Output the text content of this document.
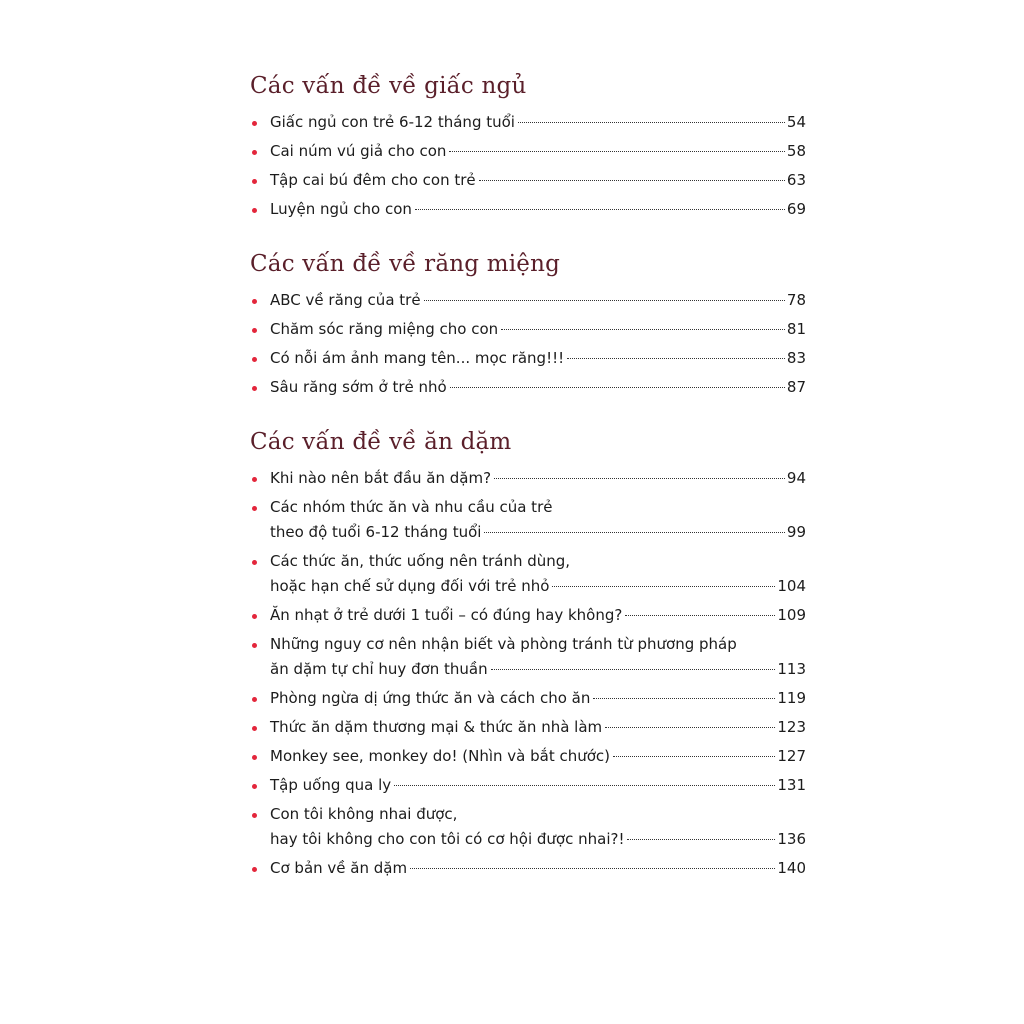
Các vấn đề về giấc ngủ
Giấc ngủ con trẻ 6-12 tháng tuổi	54
Cai núm vú giả cho con	58
Tập cai bú đêm cho con trẻ	63
Luyện ngủ cho con	69
Các vấn đề về răng miệng
ABC về răng của trẻ	78
Chăm sóc răng miệng cho con	81
Có nỗi ám ảnh mang tên... mọc răng!!!	83
Sâu răng sớm ở trẻ nhỏ	87
Các vấn đề về ăn dặm
Khi nào nên bắt đầu ăn dặm?	94
Các nhóm thức ăn và nhu cầu của trẻ
theo độ tuổi 6-12 tháng tuổi	99
Các thức ăn, thức uống nên tránh dùng,
hoặc hạn chế sử dụng đối với trẻ nhỏ	104
Ăn nhạt ở trẻ dưới 1 tuổi – có đúng hay không?	109
Những nguy cơ nên nhận biết và phòng tránh từ phương pháp
ăn dặm tự chỉ huy đơn thuần	113
Phòng ngừa dị ứng thức ăn và cách cho ăn	119
Thức ăn dặm thương mại & thức ăn nhà làm	123
Monkey see, monkey do! (Nhìn và bắt chước)	127
Tập uống qua ly	131
Con tôi không nhai được,
hay tôi không cho con tôi có cơ hội được nhai?!	136
Cơ bản về ăn dặm	140
